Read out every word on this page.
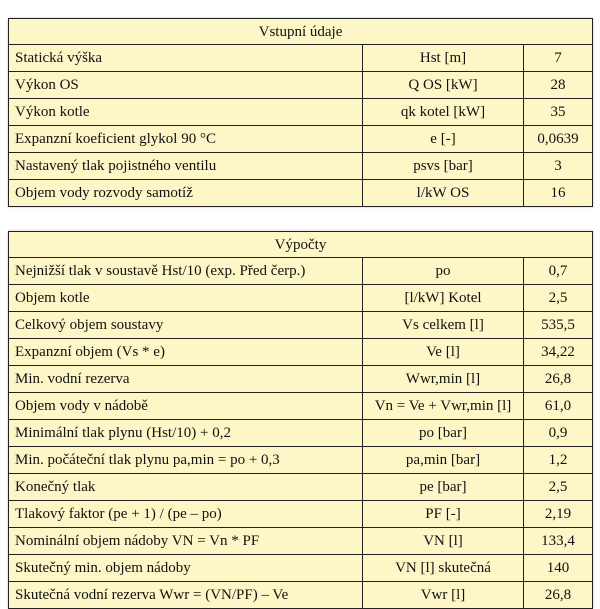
Vstupní údaje		
Statická výška	Hst [m]	7
Výkon OS	Q OS [kW]	28
Výkon kotle	qk kotel [kW]	35
Expanzní koeficient glykol 90 °C	e [-]	0,0639
Nastavený tlak pojistného ventilu	psvs [bar]	3
Objem vody rozvody samotíž	l/kW OS	16
Výpočty		
Nejnižší tlak v soustavě Hst/10 (exp. Před čerp.)	po	0,7
Objem kotle	[l/kW] Kotel	2,5
Celkový objem soustavy	Vs celkem [l]	535,5
Expanzní objem (Vs * e)	Ve [l]	34,22
Min. vodní rezerva	Wwr,min [l]	26,8
Objem vody v nádobě	Vn = Ve + Vwr,min [l]	61,0
Minimální tlak plynu (Hst/10) + 0,2	po [bar]	0,9
Min. počáteční tlak plynu pa,min = po + 0,3	pa,min [bar]	1,2
Konečný tlak	pe [bar]	2,5
Tlakový faktor (pe + 1) / (pe – po)	PF [-]	2,19
Nominální objem nádoby VN = Vn * PF	VN [l]	133,4
Skutečný min. objem nádoby	VN [l] skutečná	140
Skutečná vodní rezerva Wwr = (VN/PF) – Ve	Vwr [l]	26,8
